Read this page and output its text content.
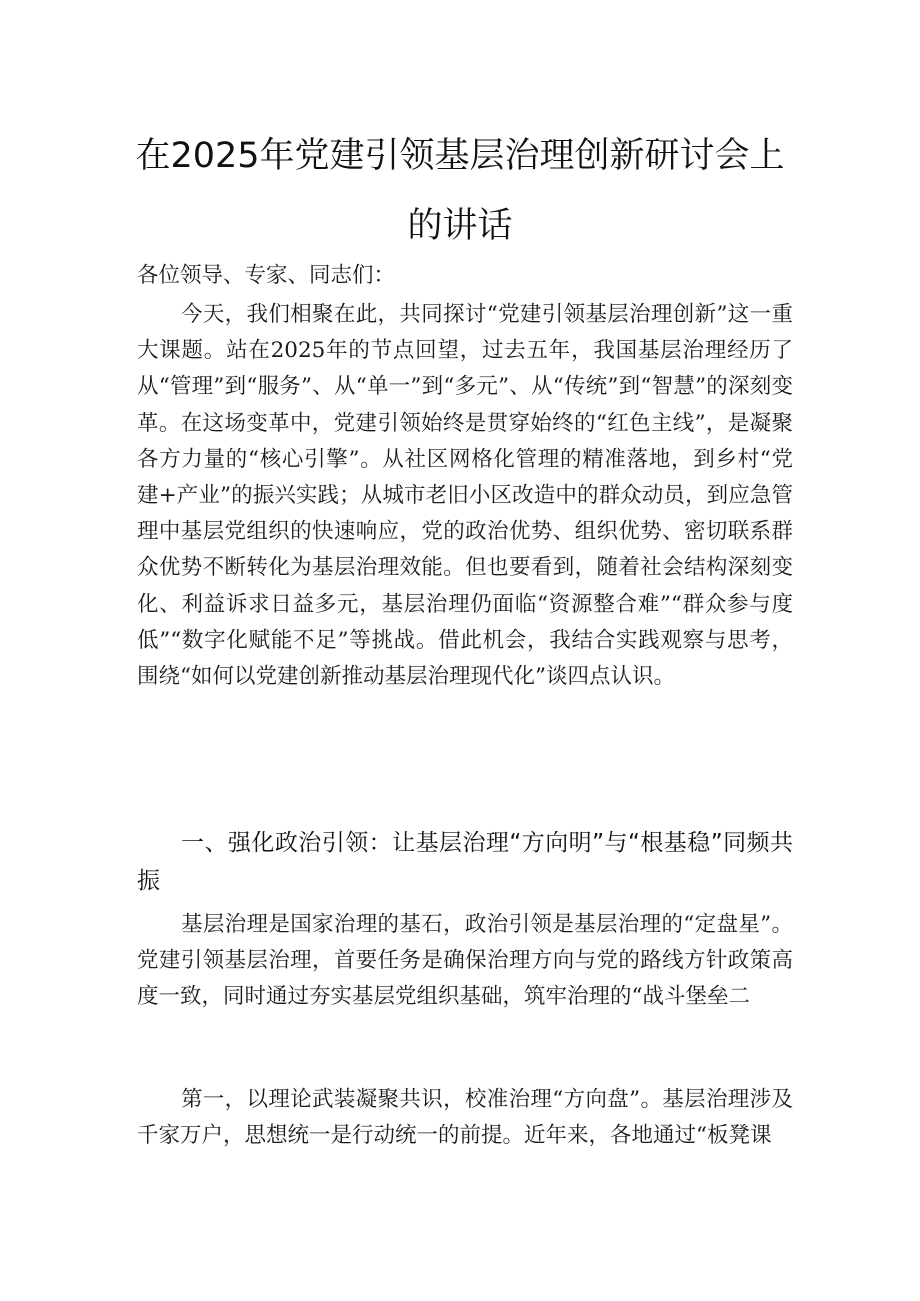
在2025年党建引领基层治理创新研讨会上
的讲话
各位领导、专家、同志们：
今天，我们相聚在此，共同探讨“党建引领基层治理创新”这一重大课题。站在2025年的节点回望，过去五年，我国基层治理经历了从“管理”到“服务”、从“单一”到“多元”、从“传统”到“智慧”的深刻变革。在这场变革中，党建引领始终是贯穿始终的“红色主线”，是凝聚各方力量的“核心引擎”。从社区网格化管理的精准落地，到乡村“党建+产业”的振兴实践；从城市老旧小区改造中的群众动员，到应急管理中基层党组织的快速响应，党的政治优势、组织优势、密切联系群众优势不断转化为基层治理效能。但也要看到，随着社会结构深刻变化、利益诉求日益多元，基层治理仍面临“资源整合难”“群众参与度低”“数字化赋能不足”等挑战。借此机会，我结合实践观察与思考，围绕“如何以党建创新推动基层治理现代化”谈四点认识。
一、强化政治引领：让基层治理“方向明”与“根基稳”同频共振
基层治理是国家治理的基石，政治引领是基层治理的“定盘星”。党建引领基层治理，首要任务是确保治理方向与党的路线方针政策高度一致，同时通过夯实基层党组织基础，筑牢治理的“战斗堡垒二
第一，以理论武装凝聚共识，校准治理“方向盘”。基层治理涉及千家万户，思想统一是行动统一的前提。近年来，各地通过“板凳课
